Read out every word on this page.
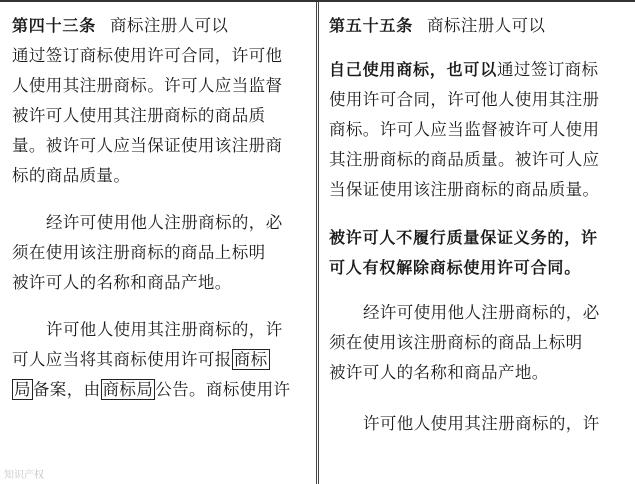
第四十三条 商标注册人可以
通过签订商标使用许可合同，许可他
人使用其注册商标。许可人应当监督
被许可人使用其注册商标的商品质
量。被许可人应当保证使用该注册商
标的商品质量。
经许可使用他人注册商标的，必
须在使用该注册商标的商品上标明
被许可人的名称和商品产地。
许可他人使用其注册商标的，许
可人应当将其商标使用许可报 商标
局 备案，由 商标局 公告。商标使用许
知识产权
第五十五条 商标注册人可以
自己使用商标，也可以通过签订商标
使用许可合同，许可他人使用其注册
商标。许可人应当监督被许可人使用
其注册商标的商品质量。被许可人应
当保证使用该注册商标的商品质量。
被许可人不履行质量保证义务的，许
可人有权解除商标使用许可合同。
经许可使用他人注册商标的，必
须在使用该注册商标的商品上标明
被许可人的名称和商品产地。
许可他人使用其注册商标的，许
